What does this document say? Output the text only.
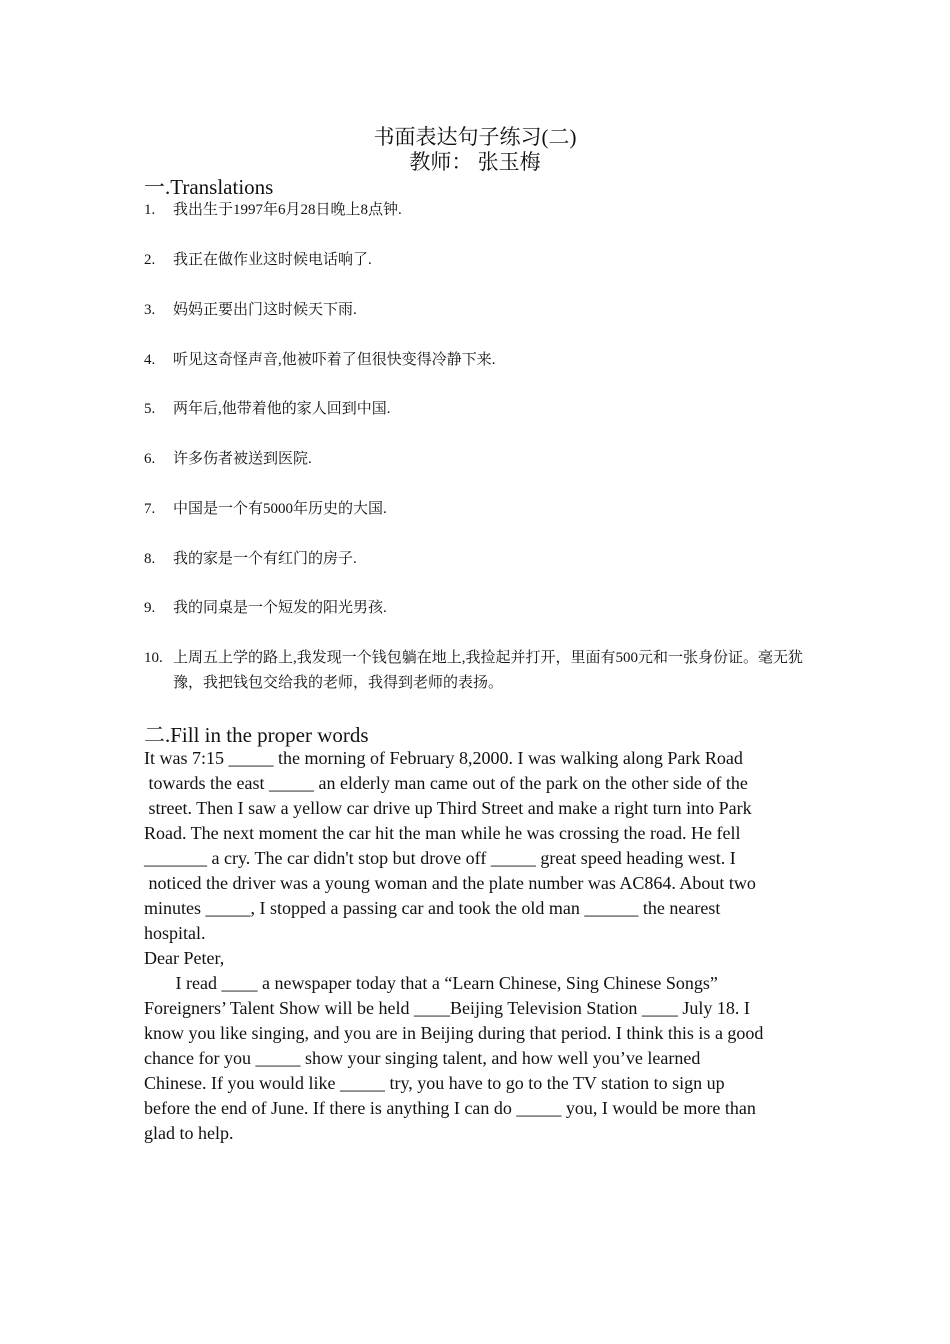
书面表达句子练习(二)
教师： 张玉梅
一.Translations
1.	我出生于1997年6月28日晚上8点钟.
2.	我正在做作业这时候电话响了.
3.	妈妈正要出门这时候天下雨.
4.	听见这奇怪声音,他被吓着了但很快变得冷静下来.
5.	两年后,他带着他的家人回到中国.
6.	许多伤者被送到医院.
7.	中国是一个有5000年历史的大国.
8.	我的家是一个有红门的房子.
9.	我的同桌是一个短发的阳光男孩.
10. 上周五上学的路上,我发现一个钱包躺在地上,我捡起并打开，里面有500元和一张身份证。毫无犹豫，我把钱包交给我的老师，我得到老师的表扬。
二.Fill in the proper words
It was 7:15 _____ the morning of February 8,2000. I was walking along Park Road
towards the east _____ an elderly man came out of the park on the other side of the
street. Then I saw a yellow car drive up Third Street and make a right turn into Park
Road. The next moment the car hit the man while he was crossing the road. He fell
_______ a cry. The car didn't stop but drove off _____ great speed heading west. I
noticed the driver was a young woman and the plate number was AC864. About two
minutes _____, I stopped a passing car and took the old man ______ the nearest
hospital.
Dear Peter,
I read ____ a newspaper today that a “Learn Chinese, Sing Chinese Songs”
Foreigners’ Talent Show will be held ____Beijing Television Station ____ July 18. I
know you like singing, and you are in Beijing during that period. I think this is a good
chance for you _____ show your singing talent, and how well you’ve learned
Chinese. If you would like _____ try, you have to go to the TV station to sign up
before the end of June. If there is anything I can do _____ you, I would be more than
glad to help.
